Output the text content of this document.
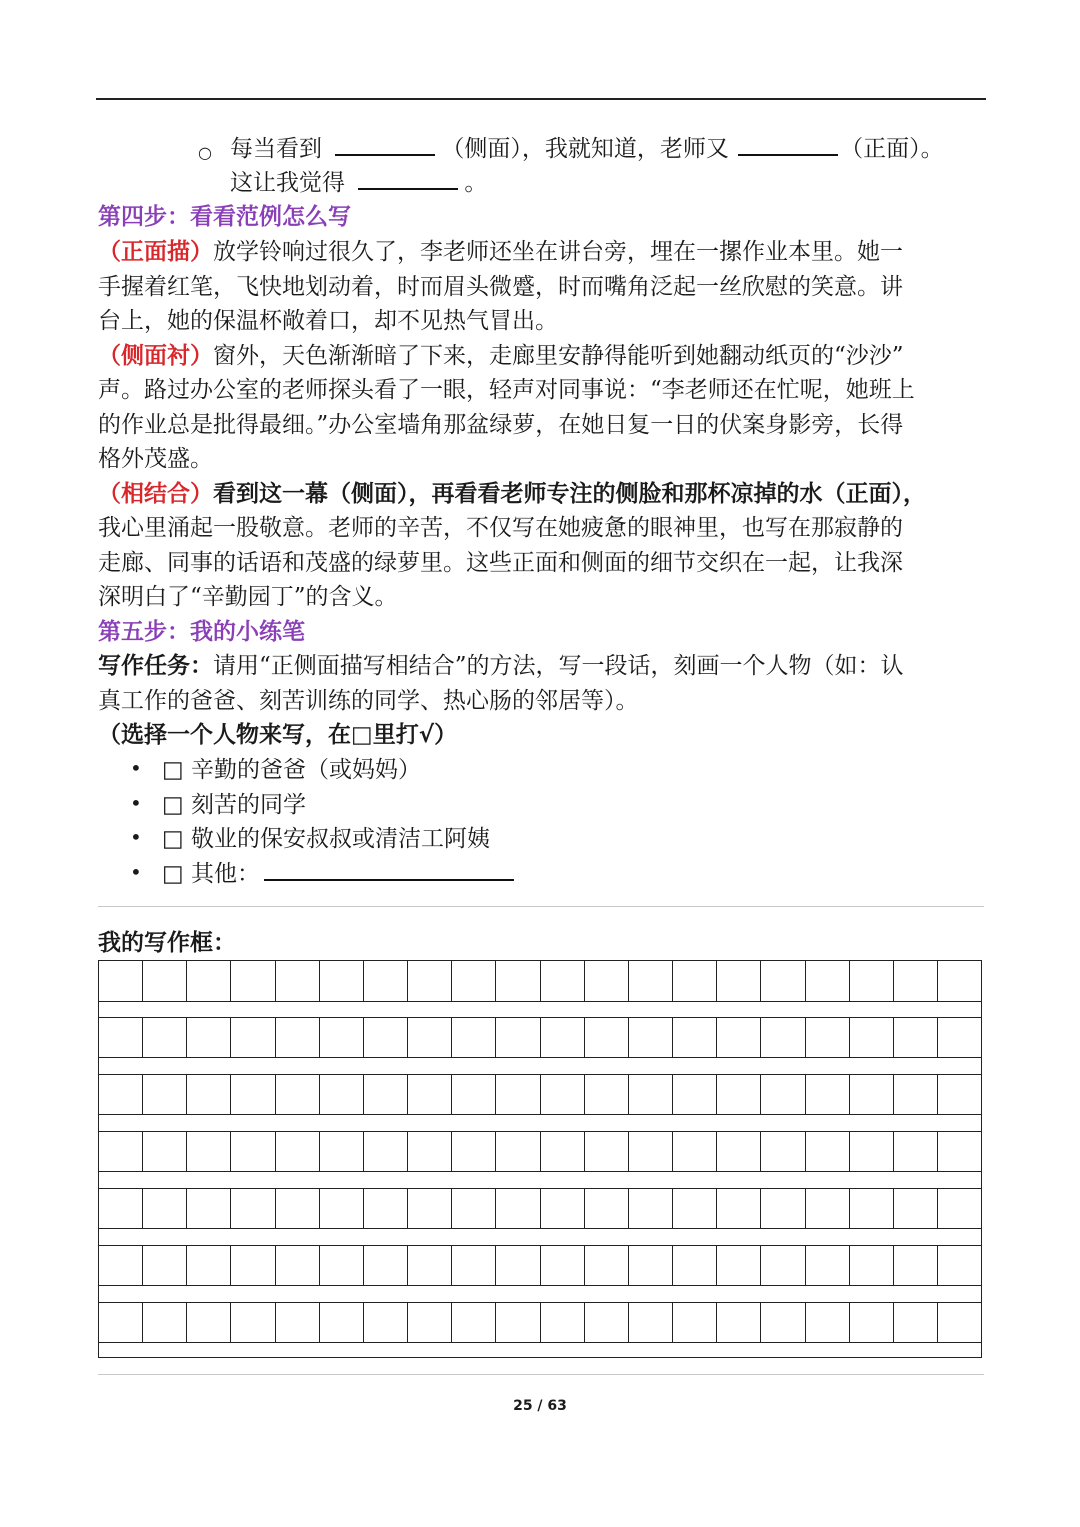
○ 每当看到	（侧面），我就知道，老师又	（正面）。
这让我觉得	。
第四步：看看范例怎么写
（正面描）放学铃响过很久了，李老师还坐在讲台旁，埋在一摞作业本里。她一
手握着红笔，飞快地划动着，时而眉头微蹙，时而嘴角泛起一丝欣慰的笑意。讲
台上，她的保温杯敞着口，却不见热气冒出。
（侧面衬）窗外，天色渐渐暗了下来，走廊里安静得能听到她翻动纸页的“沙沙”
声。路过办公室的老师探头看了一眼，轻声对同事说：“李老师还在忙呢，她班上
的作业总是批得最细。”办公室墙角那盆绿萝，在她日复一日的伏案身影旁，长得
格外茂盛。
（相结合）看到这一幕（侧面），再看看老师专注的侧脸和那杯凉掉的水（正面），
我心里涌起一股敬意。老师的辛苦，不仅写在她疲惫的眼神里，也写在那寂静的
走廊、同事的话语和茂盛的绿萝里。这些正面和侧面的细节交织在一起，让我深
深明白了“辛勤园丁”的含义。
第五步：我的小练笔
写作任务：请用“正侧面描写相结合”的方法，写一段话，刻画一个人物（如：认
真工作的爸爸、刻苦训练的同学、热心肠的邻居等）。
（选择一个人物来写，在□里打√）
• □ 辛勤的爸爸（或妈妈）
• □ 刻苦的同学
• □ 敬业的保安叔叔或清洁工阿姨
• □ 其他：
我的写作框：
25 / 63
